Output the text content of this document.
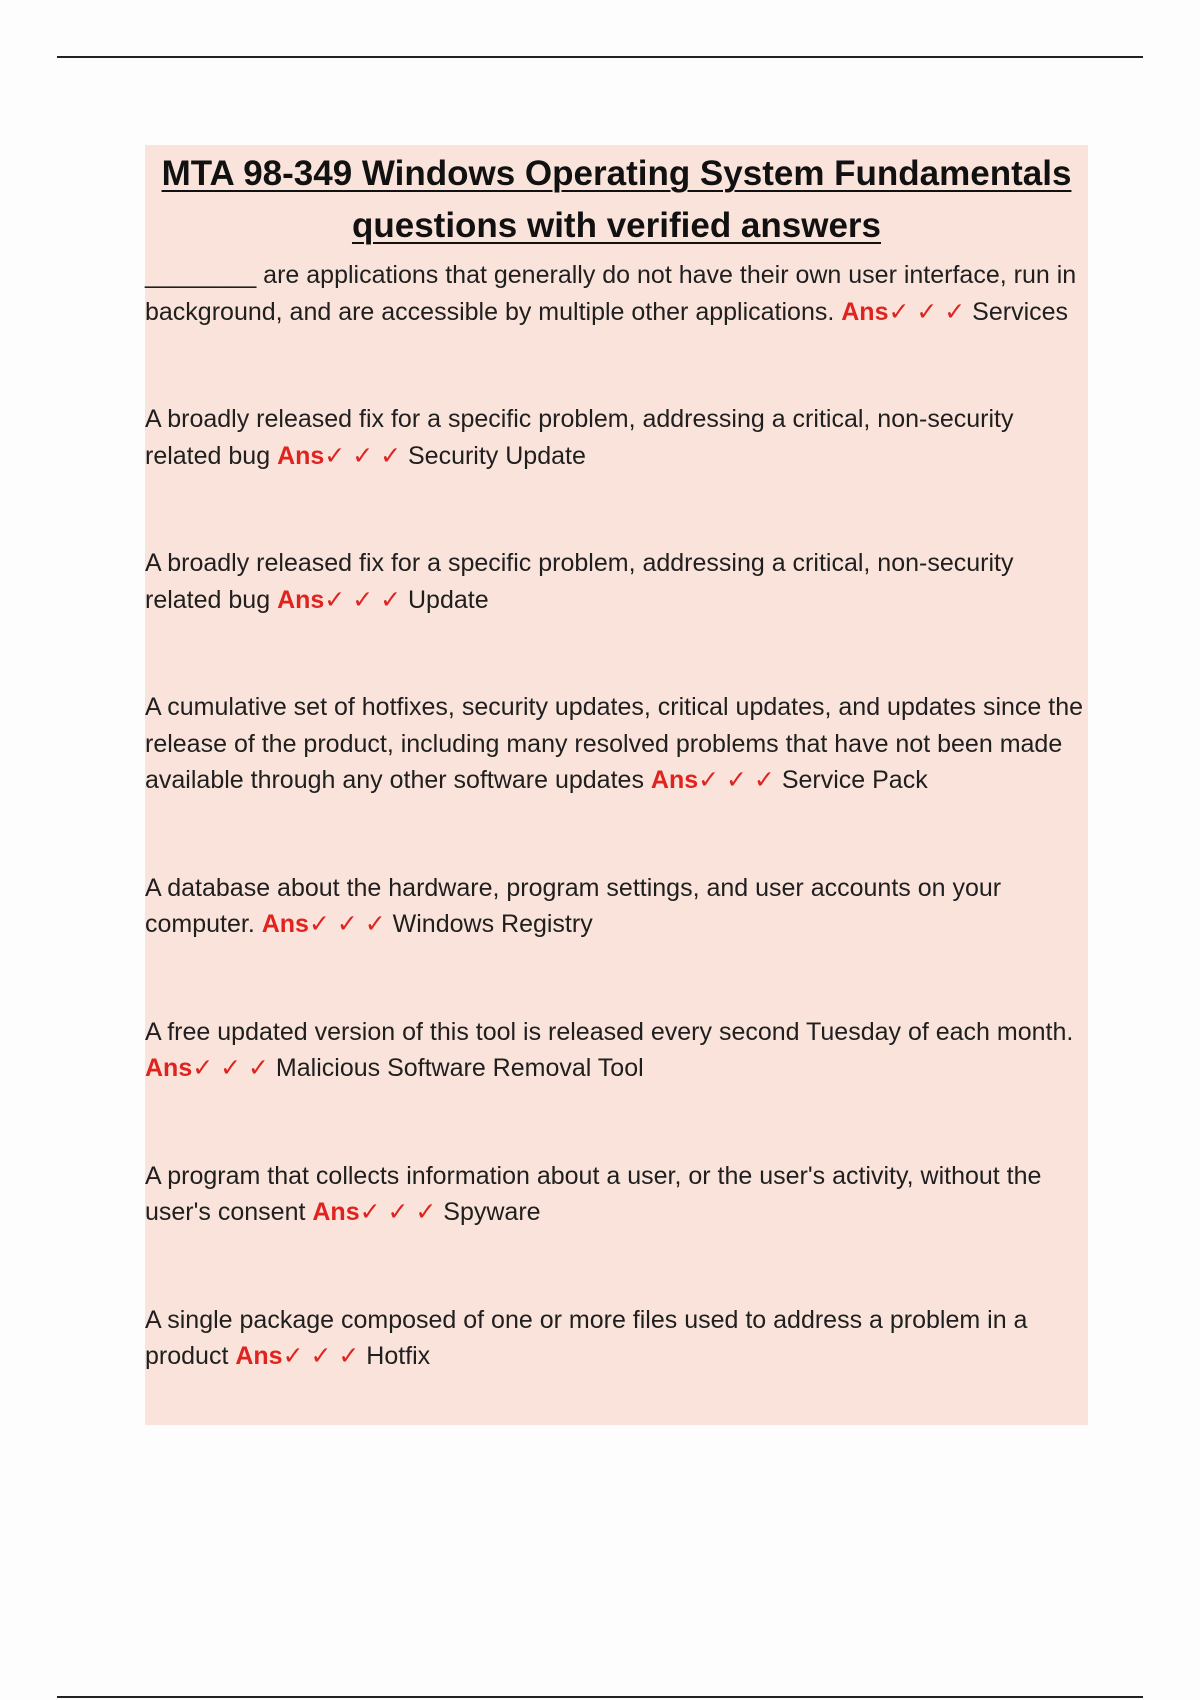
MTA 98-349 Windows Operating System Fundamentals questions with verified answers

________ are applications that generally do not have their own user interface, run in background, and are accessible by multiple other applications. Ans✓ ✓ ✓ Services

A broadly released fix for a specific problem, addressing a critical, non-security related bug Ans✓ ✓ ✓ Security Update

A broadly released fix for a specific problem, addressing a critical, non-security related bug Ans✓ ✓ ✓ Update

A cumulative set of hotfixes, security updates, critical updates, and updates since the release of the product, including many resolved problems that have not been made available through any other software updates Ans✓ ✓ ✓ Service Pack

A database about the hardware, program settings, and user accounts on your computer. Ans✓ ✓ ✓ Windows Registry

A free updated version of this tool is released every second Tuesday of each month. Ans✓ ✓ ✓ Malicious Software Removal Tool

A program that collects information about a user, or the user's activity, without the user's consent Ans✓ ✓ ✓ Spyware

A single package composed of one or more files used to address a problem in a product Ans✓ ✓ ✓ Hotfix
